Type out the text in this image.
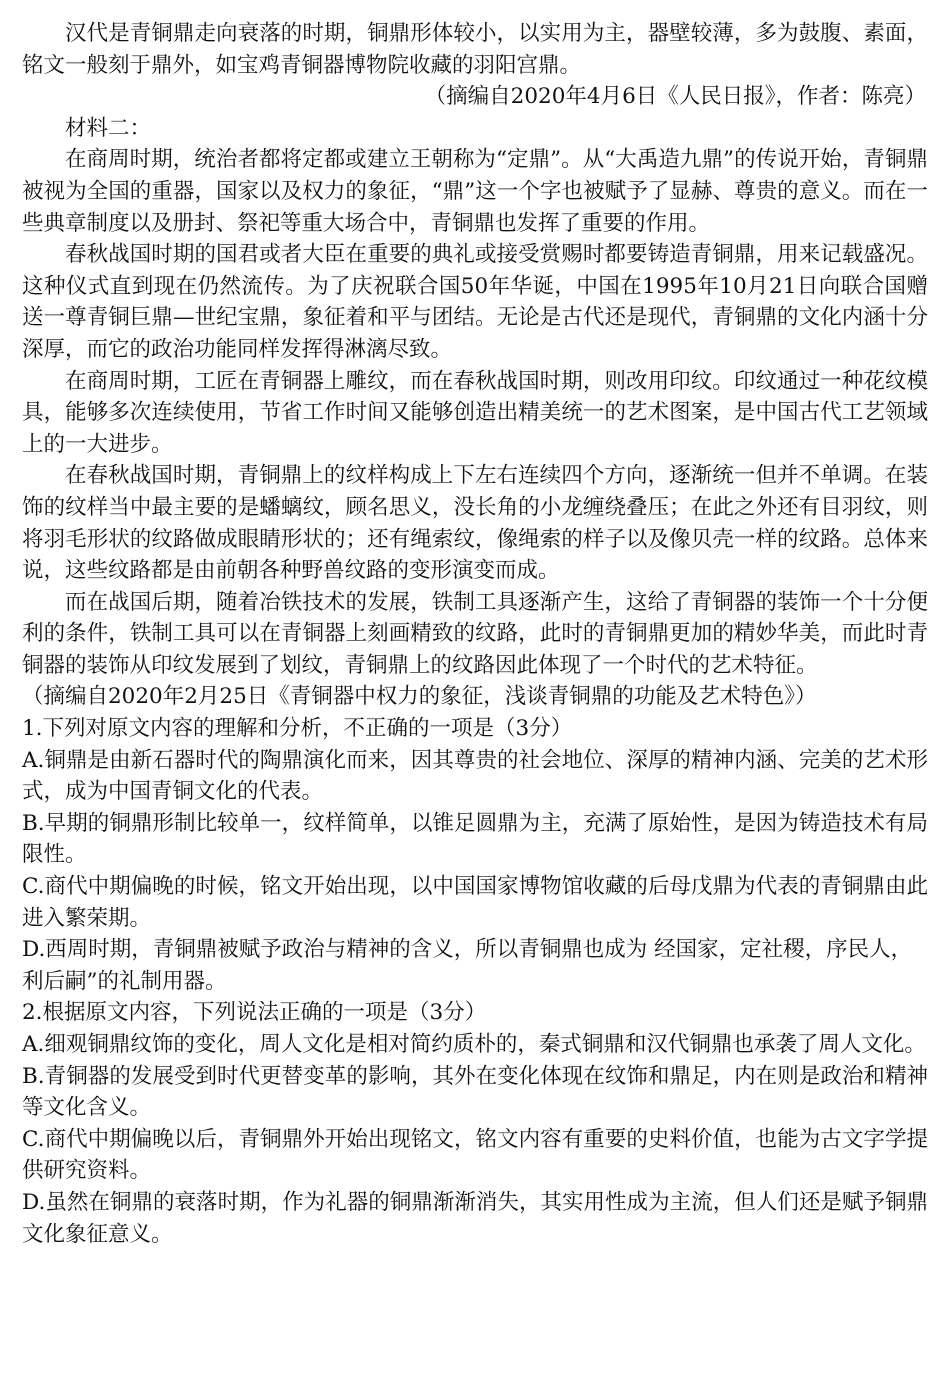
汉代是青铜鼎走向衰落的时期，铜鼎形体较小，以实用为主，器壁较薄，多为鼓腹、素面，铭文一般刻于鼎外，如宝鸡青铜器博物院收藏的羽阳宫鼎。

（摘编自2020年4月6日《人民日报》，作者：陈亮）

材料二：

在商周时期，统治者都将定都或建立王朝称为“定鼎”。从“大禹造九鼎”的传说开始，青铜鼎被视为全国的重器，国家以及权力的象征，“鼎”这一个字也被赋予了显赫、尊贵的意义。而在一些典章制度以及册封、祭祀等重大场合中，青铜鼎也发挥了重要的作用。

春秋战国时期的国君或者大臣在重要的典礼或接受赏赐时都要铸造青铜鼎，用来记载盛况。这种仪式直到现在仍然流传。为了庆祝联合国50年华诞，中国在1995年10月21日向联合国赠送一尊青铜巨鼎—世纪宝鼎，象征着和平与团结。无论是古代还是现代，青铜鼎的文化内涵十分深厚，而它的政治功能同样发挥得淋漓尽致。

在商周时期，工匠在青铜器上雕纹，而在春秋战国时期，则改用印纹。印纹通过一种花纹模具，能够多次连续使用，节省工作时间又能够创造出精美统一的艺术图案，是中国古代工艺领域上的一大进步。

在春秋战国时期，青铜鼎上的纹样构成上下左右连续四个方向，逐渐统一但并不单调。在装饰的纹样当中最主要的是蟠螭纹，顾名思义，没长角的小龙缠绕叠压；在此之外还有目羽纹，则将羽毛形状的纹路做成眼睛形状的；还有绳索纹，像绳索的样子以及像贝壳一样的纹路。总体来说，这些纹路都是由前朝各种野兽纹路的变形演变而成。

而在战国后期，随着冶铁技术的发展，铁制工具逐渐产生，这给了青铜器的装饰一个十分便利的条件，铁制工具可以在青铜器上刻画精致的纹路，此时的青铜鼎更加的精妙华美，而此时青铜器的装饰从印纹发展到了划纹，青铜鼎上的纹路因此体现了一个时代的艺术特征。

（摘编自2020年2月25日《青铜器中权力的象征，浅谈青铜鼎的功能及艺术特色》）

1.下列对原文内容的理解和分析，不正确的一项是（3分）

A.铜鼎是由新石器时代的陶鼎演化而来，因其尊贵的社会地位、深厚的精神内涵、完美的艺术形式，成为中国青铜文化的代表。

B.早期的铜鼎形制比较单一，纹样简单，以锥足圆鼎为主，充满了原始性，是因为铸造技术有局限性。

C.商代中期偏晚的时候，铭文开始出现，以中国国家博物馆收藏的后母戊鼎为代表的青铜鼎由此进入繁荣期。

D.西周时期，青铜鼎被赋予政治与精神的含义，所以青铜鼎也成为 经国家，定社稷，序民人，

利后嗣”的礼制用器。

2.根据原文内容，下列说法正确的一项是（3分）

A.细观铜鼎纹饰的变化，周人文化是相对简约质朴的，秦式铜鼎和汉代铜鼎也承袭了周人文化。

B.青铜器的发展受到时代更替变革的影响，其外在变化体现在纹饰和鼎足，内在则是政治和精神等文化含义。

C.商代中期偏晚以后，青铜鼎外开始出现铭文，铭文内容有重要的史料价值，也能为古文字学提供研究资料。

D.虽然在铜鼎的衰落时期，作为礼器的铜鼎渐渐消失，其实用性成为主流，但人们还是赋予铜鼎文化象征意义。
